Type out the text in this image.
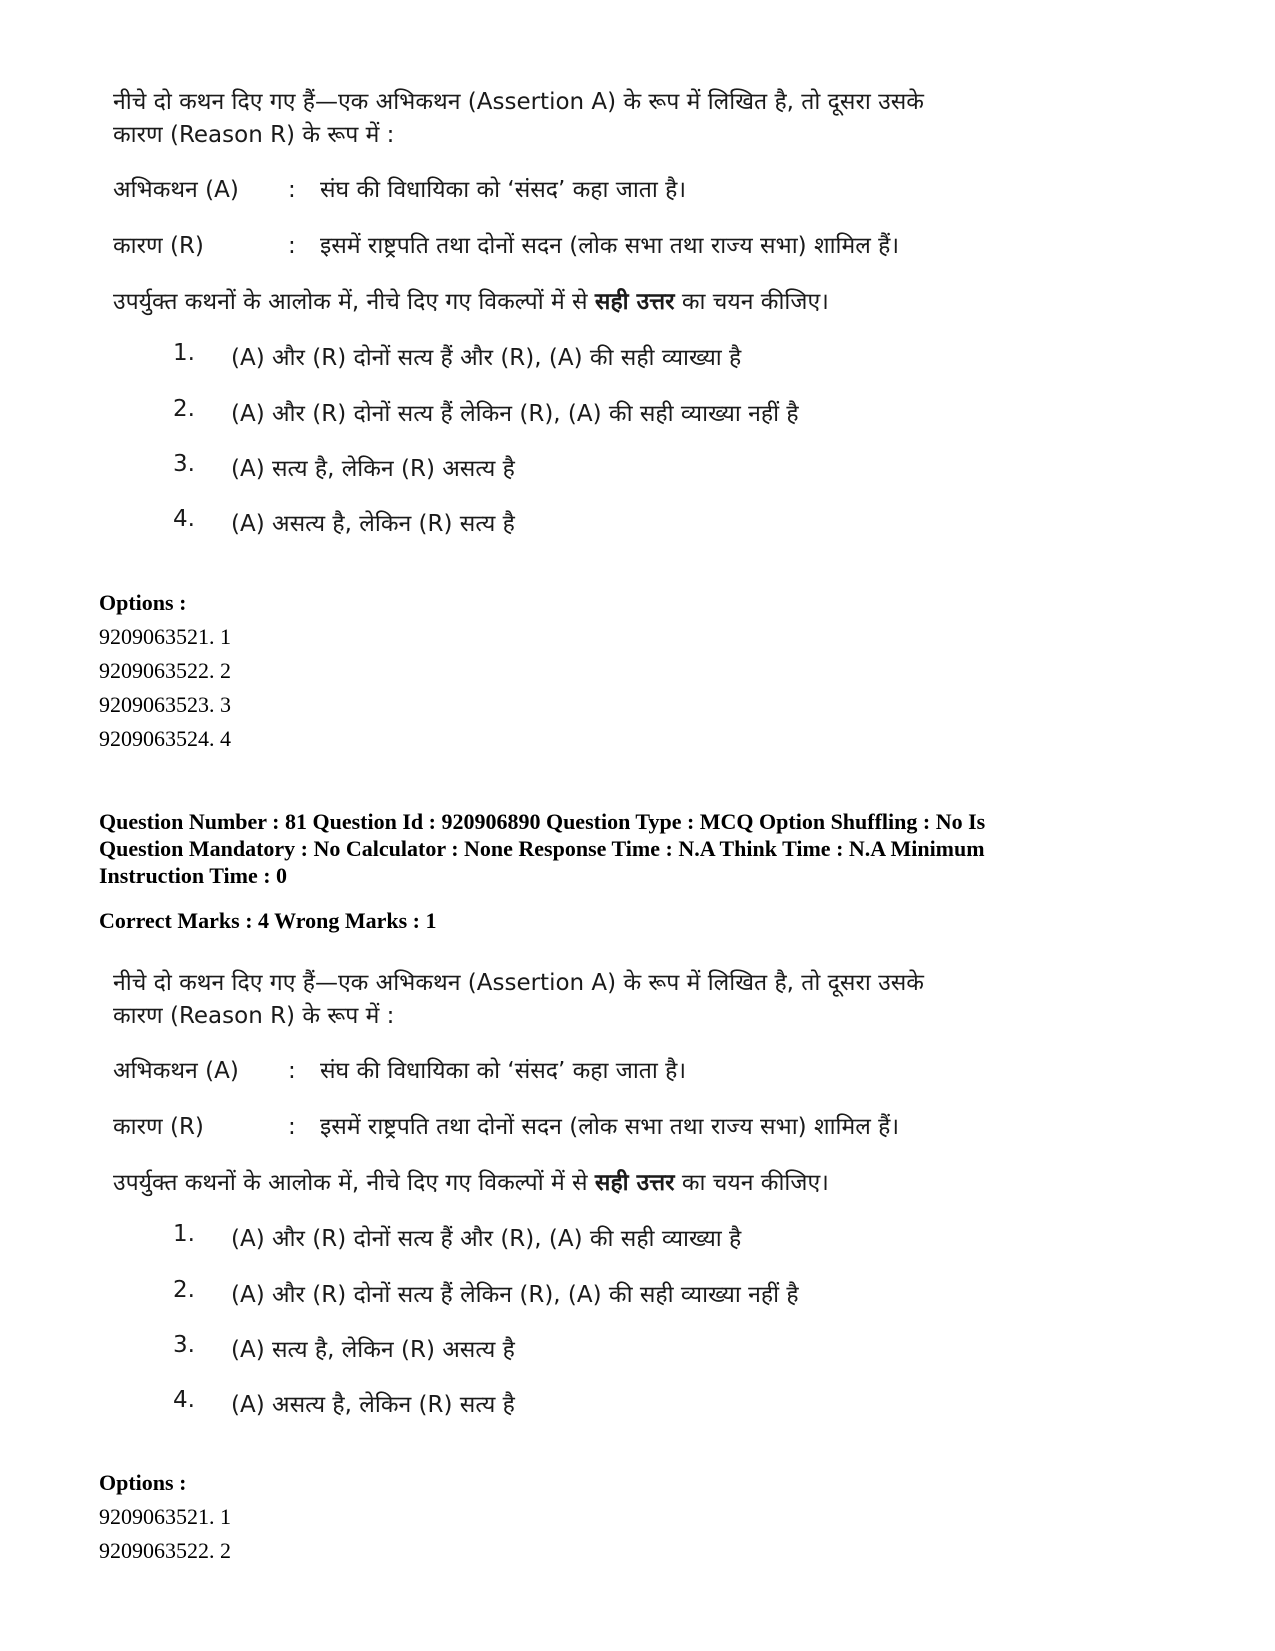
नीचे दो कथन दिए गए हैं—एक अभिकथन (Assertion A) के रूप में लिखित है, तो दूसरा उसके
कारण (Reason R) के रूप में :

अभिकथन (A)	:	संघ की विधायिका को ‘संसद’ कहा जाता है।
कारण (R)	:	इसमें राष्ट्रपति तथा दोनों सदन (लोक सभा तथा राज्य सभा) शामिल हैं।
उपर्युक्त कथनों के आलोक में, नीचे दिए गए विकल्पों में से सही उत्तर का चयन कीजिए।
1.	(A) और (R) दोनों सत्य हैं और (R), (A) की सही व्याख्या है
2.	(A) और (R) दोनों सत्य हैं लेकिन (R), (A) की सही व्याख्या नहीं है
3.	(A) सत्य है, लेकिन (R) असत्य है
4.	(A) असत्य है, लेकिन (R) सत्य है
Options :
9209063521. 1
9209063522. 2
9209063523. 3
9209063524. 4
Question Number : 81 Question Id : 920906890 Question Type : MCQ Option Shuffling : No Is
Question Mandatory : No Calculator : None Response Time : N.A Think Time : N.A Minimum
Instruction Time : 0
Correct Marks : 4 Wrong Marks : 1

नीचे दो कथन दिए गए हैं—एक अभिकथन (Assertion A) के रूप में लिखित है, तो दूसरा उसके
कारण (Reason R) के रूप में :

अभिकथन (A)	:	संघ की विधायिका को ‘संसद’ कहा जाता है।
कारण (R)	:	इसमें राष्ट्रपति तथा दोनों सदन (लोक सभा तथा राज्य सभा) शामिल हैं।
उपर्युक्त कथनों के आलोक में, नीचे दिए गए विकल्पों में से सही उत्तर का चयन कीजिए।
1.	(A) और (R) दोनों सत्य हैं और (R), (A) की सही व्याख्या है
2.	(A) और (R) दोनों सत्य हैं लेकिन (R), (A) की सही व्याख्या नहीं है
3.	(A) सत्य है, लेकिन (R) असत्य है
4.	(A) असत्य है, लेकिन (R) सत्य है
Options :
9209063521. 1
9209063522. 2
